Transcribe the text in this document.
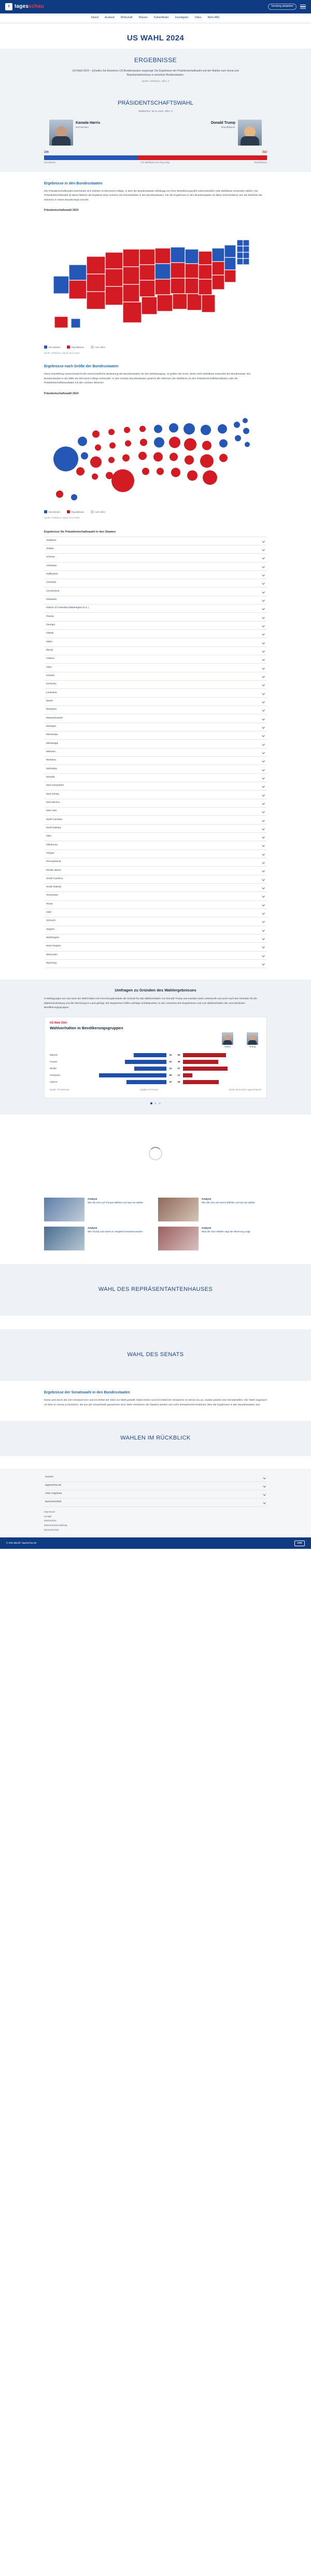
t tagesschau	Sendung abspielen
Inland Ausland Wirtschaft Wissen Faktenfinder Investigativ Video Mehr ABC
US WAHL 2024
ERGEBNISSE

US-Wahl 2024 – Schalten Sie Einzelnen US-Bundesstaaten angezeigt: Die Ergebnisse der Präsidentschaftswahl und der Wahlen zum Senat und Repräsentantenhaus in einzelnen Bundesstaaten.

Quelle: AP/Edison, offen: 0
PRÄSIDENTSCHAFTSWAHL
Wahltermin: 05.11.2024, offen: 0
Kamala Harris
Demokraten
Donald Trump
Republikaner
226	312
Demokraten	270 Wahlleute zum Sieg nötig	Republikaner
Ergebnisse in den Bundesstaaten

Die Präsidentschaftswahl entscheidet sich letztlich im Electoral College, in dem die Bundesstaaten abhängig von ihrer Bevölkerungszahl unterschiedlich viele Wahlleute entsenden dürfen. Die Präsidentschaftswahl ist damit faktisch die Ergebnis einer Summe von Einzelwahlen in den Bundesstaaten. Für die Ergebnisse in den Bundesstaaten ist daher entscheidend, wer die Mehrheit der Stimmen in einem Bundesstaat erreicht.

Präsidentschaftswahl 2024
Demokraten	Republikaner	noch offen
Quelle: AP/Edison, Stand: 06.12.2024
Ergebnisse nach Größe der Bundesstaaten

Diese Darstellung veranschaulicht die unterschiedliche Bedeutung der Bundesstaaten für den Wahlausgang. Je größer der Kreis, desto mehr Wahlleute entsendet der Bundesstaat. Die Bundesstaaten in der Mitte der Electoral College entsenden. In den meisten Bundesstaaten gewinnt alle Stimmen der Wahlleute an den Präsidentschaftskandidaten oder die Präsidentschaftskandidatin mit den meisten Stimmen.

Präsidentschaftswahl 2024
Demokraten	Republikaner	noch offen
Quelle: AP/Edison, Stand: 06.12.2024
Ergebnisse für Präsidentschaftswahl in den Staaten
Alabama
Alaska
Arizona
Arkansas
Kalifornien
Colorado
Connecticut
Delaware
District of Columbia (Washington D.C.)
Florida
Georgia
Hawaii
Idaho
Illinois
Indiana
Iowa
Kansas
Kentucky
Louisiana
Maine
Maryland
Massachusetts
Michigan
Minnesota
Mississippi
Missouri
Montana
Nebraska
Nevada
New Hampshire
New Jersey
New Mexico
New York
North Carolina
North Dakota
Ohio
Oklahoma
Oregon
Pennsylvania
Rhode Island
South Carolina
South Dakota
Tennessee
Texas
Utah
Vermont
Virginia
Washington
West Virginia
Wisconsin
Wyoming
Umfragen zu Gründen des Wahlergebnisses

In Befragungen am und nach der Wahl haben US-Forschungsinstitute die Gründe für das Wahlverhalten von Donald Trump und Kamala Harris untersucht und auch nach den Gründen für die Wahlentscheidung und die Stimmung im Land gefragt. Die Ergebnisse helfen wichtige Anhaltspunkte zu den Ursachen des Ergebnisses und zum Wahlverhalten der verschiedenen Bevölkerungsgruppen.

US-Wahl 2024
Wahlverhalten in Bevölkerungsgruppen
Harris	Trump
Männer	42	55
Frauen	53	45
Weiße	41	57
Schwarze	86	12
Latinos	51	46
Quelle: AP VoteCast	Angaben in Prozent	Stand: 06.12.2024, tagesschau.de
Analyse
Wie die USA auf Trumps Wahlen und was sie wählte
Analyse
Wie die USA auf Harris Wählen und wie sie wählte
Analyse
Wie Trump und Harris im Vergleich bewertet werden
Analyse
Was die USA-Wähler sagt die Stimmung zeigt
WAHL DES REPRÄSENTANTENHAUSES
WAHL DES SENATS
Ergebnisse der Senatswahl in den Bundesstaaten

Diese wird durch die USA Senatorinnen und ein Drittel der Sitze zur Wahl gestellt. Dabei treten rund ein Drittel der Senatoren im Senat neu an, sodass jeweils zwei Senatsstellen. Der Wahl insgesamt 34 Sitze im Senat zu besetzen, die aus der Gesamtzahl gewachsen sind. Mehr Senatoren der Staaten werden von mehr Senatorinnen bestimmt, über die Ergebnisse in den Bundesstaaten aus.

WAHLEN IM RÜCKBLICK
Service
tagesschau.de
ARD-Angebote
Barrierefreiheit
Impressum
Kontakt
Datenschutz
Datenschutzeinstellung
Barrierefreiheit
© ARD-aktuell / tagesschau.de	ARD
